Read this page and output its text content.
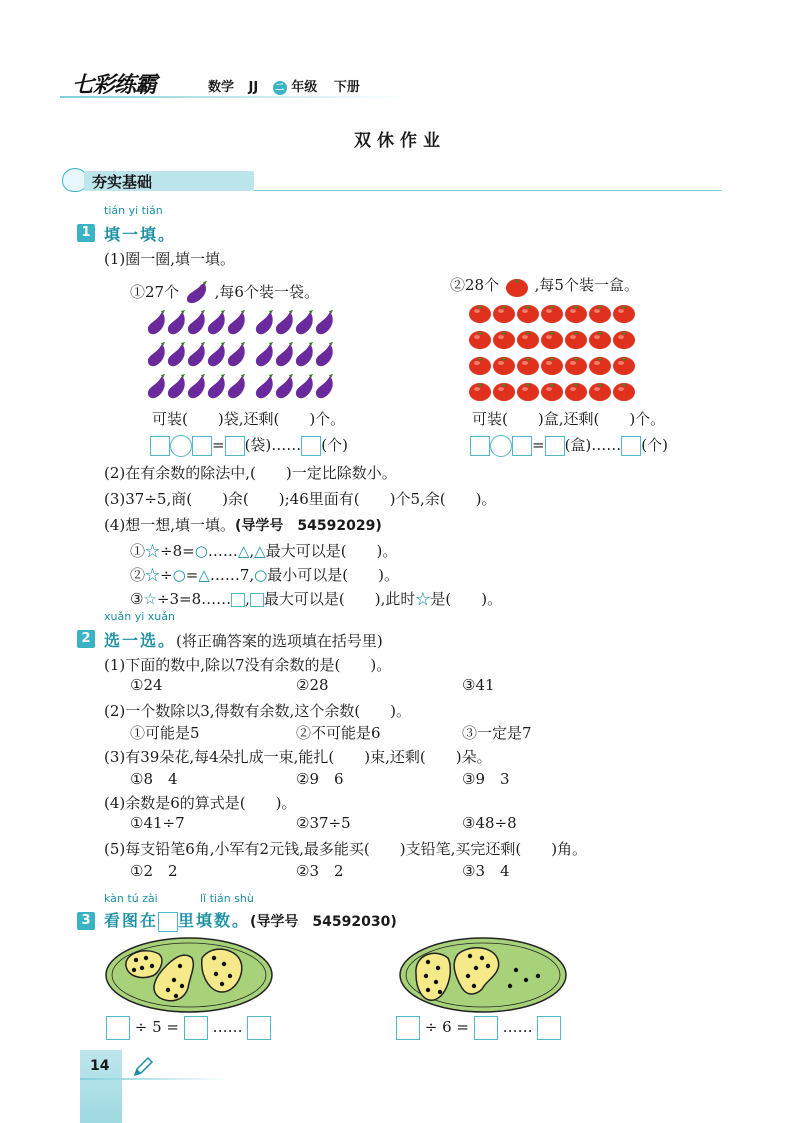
七彩练霸	数学 JJ 二 年级 下册
双休作业
夯实基础
tián yi tián
1 填一填。
(1)圈一圈,填一填。
①27个 ,每6个装一袋。
可装(　　)袋,还剩(　　)个。
= (袋)…… (个)
②28个 ,每5个装一盒。
可装(　　)盒,还剩(　　)个。
= (盒)…… (个)
(2)在有余数的除法中,(　　)一定比除数小。
(3)37÷5,商(　　)余(　　);46里面有(　　)个5,余(　　)。
(4)想一想,填一填。(导学号　54592029)
①☆÷8=○……△,△最大可以是(　　)。
②☆÷○=△……7,○最小可以是(　　)。
③☆÷3=8…… , 最大可以是(　　),此时☆是(　　)。
xuǎn yi xuǎn
2 选一选。(将正确答案的选项填在括号里)
(1)下面的数中,除以7没有余数的是(　　)。
①24	②28	③41
(2)一个数除以3,得数有余数,这个余数(　　)。
①可能是5	②不可能是6	③一定是7
(3)有39朵花,每4朵扎成一束,能扎(　　)束,还剩(　　)朵。
①8　4	②9　6	③9　3
(4)余数是6的算式是(　　)。
①41÷7	②37÷5	③48÷8
(5)每支铅笔6角,小军有2元钱,最多能买(　　)支铅笔,买完还剩(　　)角。
①2　2	②3　2	③3　4
kàn tú zài	lǐ tián shù
3 看图在 里填数。(导学号　54592030)
÷ 5 = ……	÷ 6 = ……
14
